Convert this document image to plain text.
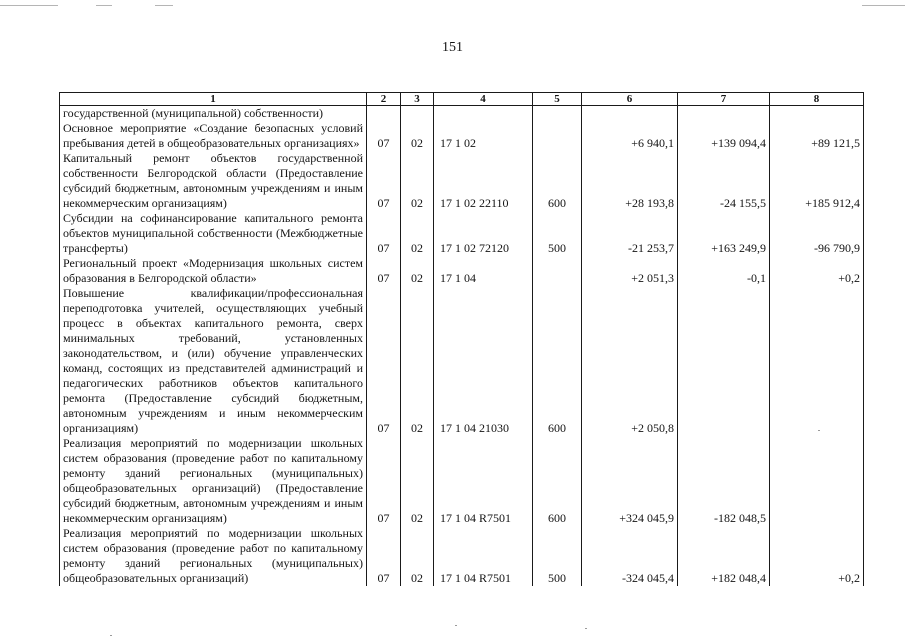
151
1	2	3	4	5	6	7	8
государственной (муниципальной) собственности)							
Основное мероприятие «Создание безопасных условий пребывания детей в общеобразовательных организациях»	07	02	17 1 02		+6 940,1	+139 094,4	+89 121,5
Капитальный ремонт объектов государственной собственности Белгородской области (Предоставление субсидий бюджетным, автономным учреждениям и иным некоммерческим организациям)	07	02	17 1 02 22110	600	+28 193,8	-24 155,5	+185 912,4
Субсидии на софинансирование капитального ремонта объектов муниципальной собственности (Межбюджетные трансферты)	07	02	17 1 02 72120	500	-21 253,7	+163 249,9	-96 790,9
Региональный проект «Модернизация школьных систем образования в Белгородской области»	07	02	17 1 04		+2 051,3	-0,1	+0,2
Повышение квалификации/профессиональная переподготовка учителей, осуществляющих учебный процесс в объектах капитального ремонта, сверх минимальных требований, установленных законодательством, и (или) обучение управленческих команд, состоящих из представителей администраций и педагогических работников объектов капитального ремонта (Предоставление субсидий бюджетным, автономным учреждениям и иным некоммерческим организациям)	07	02	17 1 04 21030	600	+2 050,8		
Реализация мероприятий по модернизации школьных систем образования (проведение работ по капитальному ремонту зданий региональных (муниципальных) общеобразовательных организаций) (Предоставление субсидий бюджетным, автономным учреждениям и иным некоммерческим организациям)	07	02	17 1 04 R7501	600	+324 045,9	-182 048,5	
Реализация мероприятий по модернизации школьных систем образования (проведение работ по капитальному ремонту зданий региональных (муниципальных) общеобразовательных организаций)	07	02	17 1 04 R7501	500	-324 045,4	+182 048,4	+0,2
